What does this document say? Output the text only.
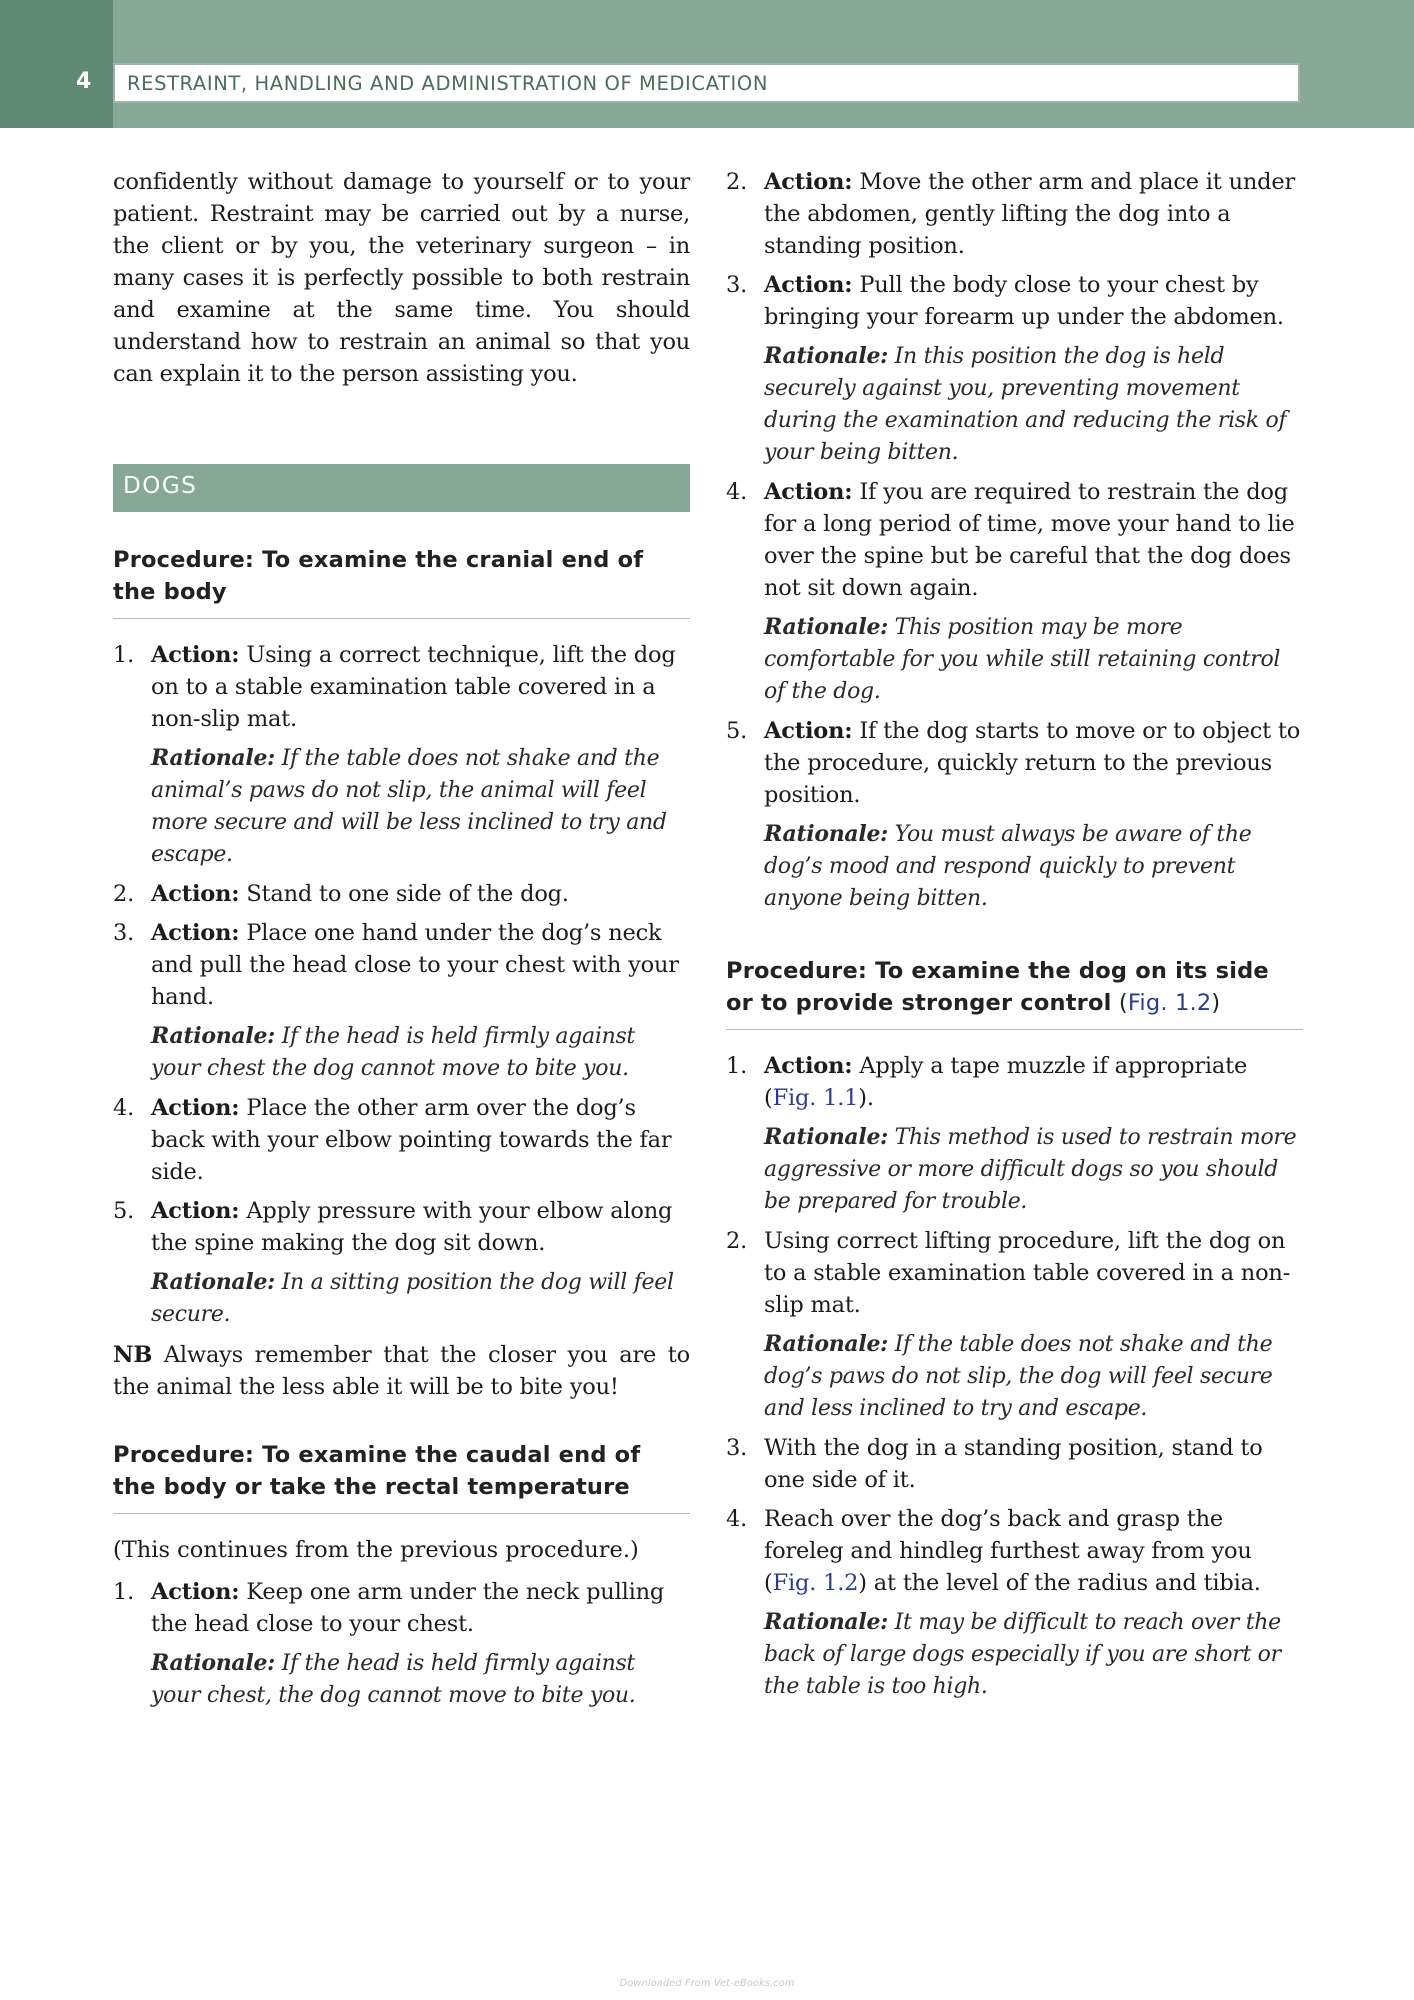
4	RESTRAINT, HANDLING AND ADMINISTRATION OF MEDICATION

confidently without damage to yourself or to your patient. Restraint may be carried out by a nurse, the client or by you, the veterinary surgeon – in many cases it is perfectly possible to both restrain and examine at the same time. You should understand how to restrain an animal so that you can explain it to the person assisting you.

DOGS
Procedure: To examine the cranial end of the body
1. Action: Using a correct technique, lift the dog on to a stable examination table covered in a non-slip mat.
Rationale: If the table does not shake and the animal’s paws do not slip, the animal will feel more secure and will be less inclined to try and escape.
2. Action: Stand to one side of the dog.
3. Action: Place one hand under the dog’s neck and pull the head close to your chest with your hand.
Rationale: If the head is held firmly against your chest the dog cannot move to bite you.
4. Action: Place the other arm over the dog’s back with your elbow pointing towards the far side.
5. Action: Apply pressure with your elbow along the spine making the dog sit down.
Rationale: In a sitting position the dog will feel secure.

NB Always remember that the closer you are to the animal the less able it will be to bite you!

Procedure: To examine the caudal end of the body or take the rectal temperature

(This continues from the previous procedure.)

1. Action: Keep one arm under the neck pulling the head close to your chest.
Rationale: If the head is held firmly against your chest, the dog cannot move to bite you.
2. Action: Move the other arm and place it under the abdomen, gently lifting the dog into a standing position.
3. Action: Pull the body close to your chest by bringing your forearm up under the abdomen.
Rationale: In this position the dog is held securely against you, preventing movement during the examination and reducing the risk of your being bitten.
4. Action: If you are required to restrain the dog for a long period of time, move your hand to lie over the spine but be careful that the dog does not sit down again.
Rationale: This position may be more comfortable for you while still retaining control of the dog.
5. Action: If the dog starts to move or to object to the procedure, quickly return to the previous position.
Rationale: You must always be aware of the dog’s mood and respond quickly to prevent anyone being bitten.
Procedure: To examine the dog on its side or to provide stronger control (Fig. 1.2)
1. Action: Apply a tape muzzle if appropriate (Fig. 1.1).
Rationale: This method is used to restrain more aggressive or more difficult dogs so you should be prepared for trouble.
2. Using correct lifting procedure, lift the dog on to a stable examination table covered in a non-slip mat.
Rationale: If the table does not shake and the dog’s paws do not slip, the dog will feel secure and less inclined to try and escape.
3. With the dog in a standing position, stand to one side of it.
4. Reach over the dog’s back and grasp the foreleg and hindleg furthest away from you (Fig. 1.2) at the level of the radius and tibia.
Rationale: It may be difficult to reach over the back of large dogs especially if you are short or the table is too high.
Downloaded From Vet-eBooks.com
